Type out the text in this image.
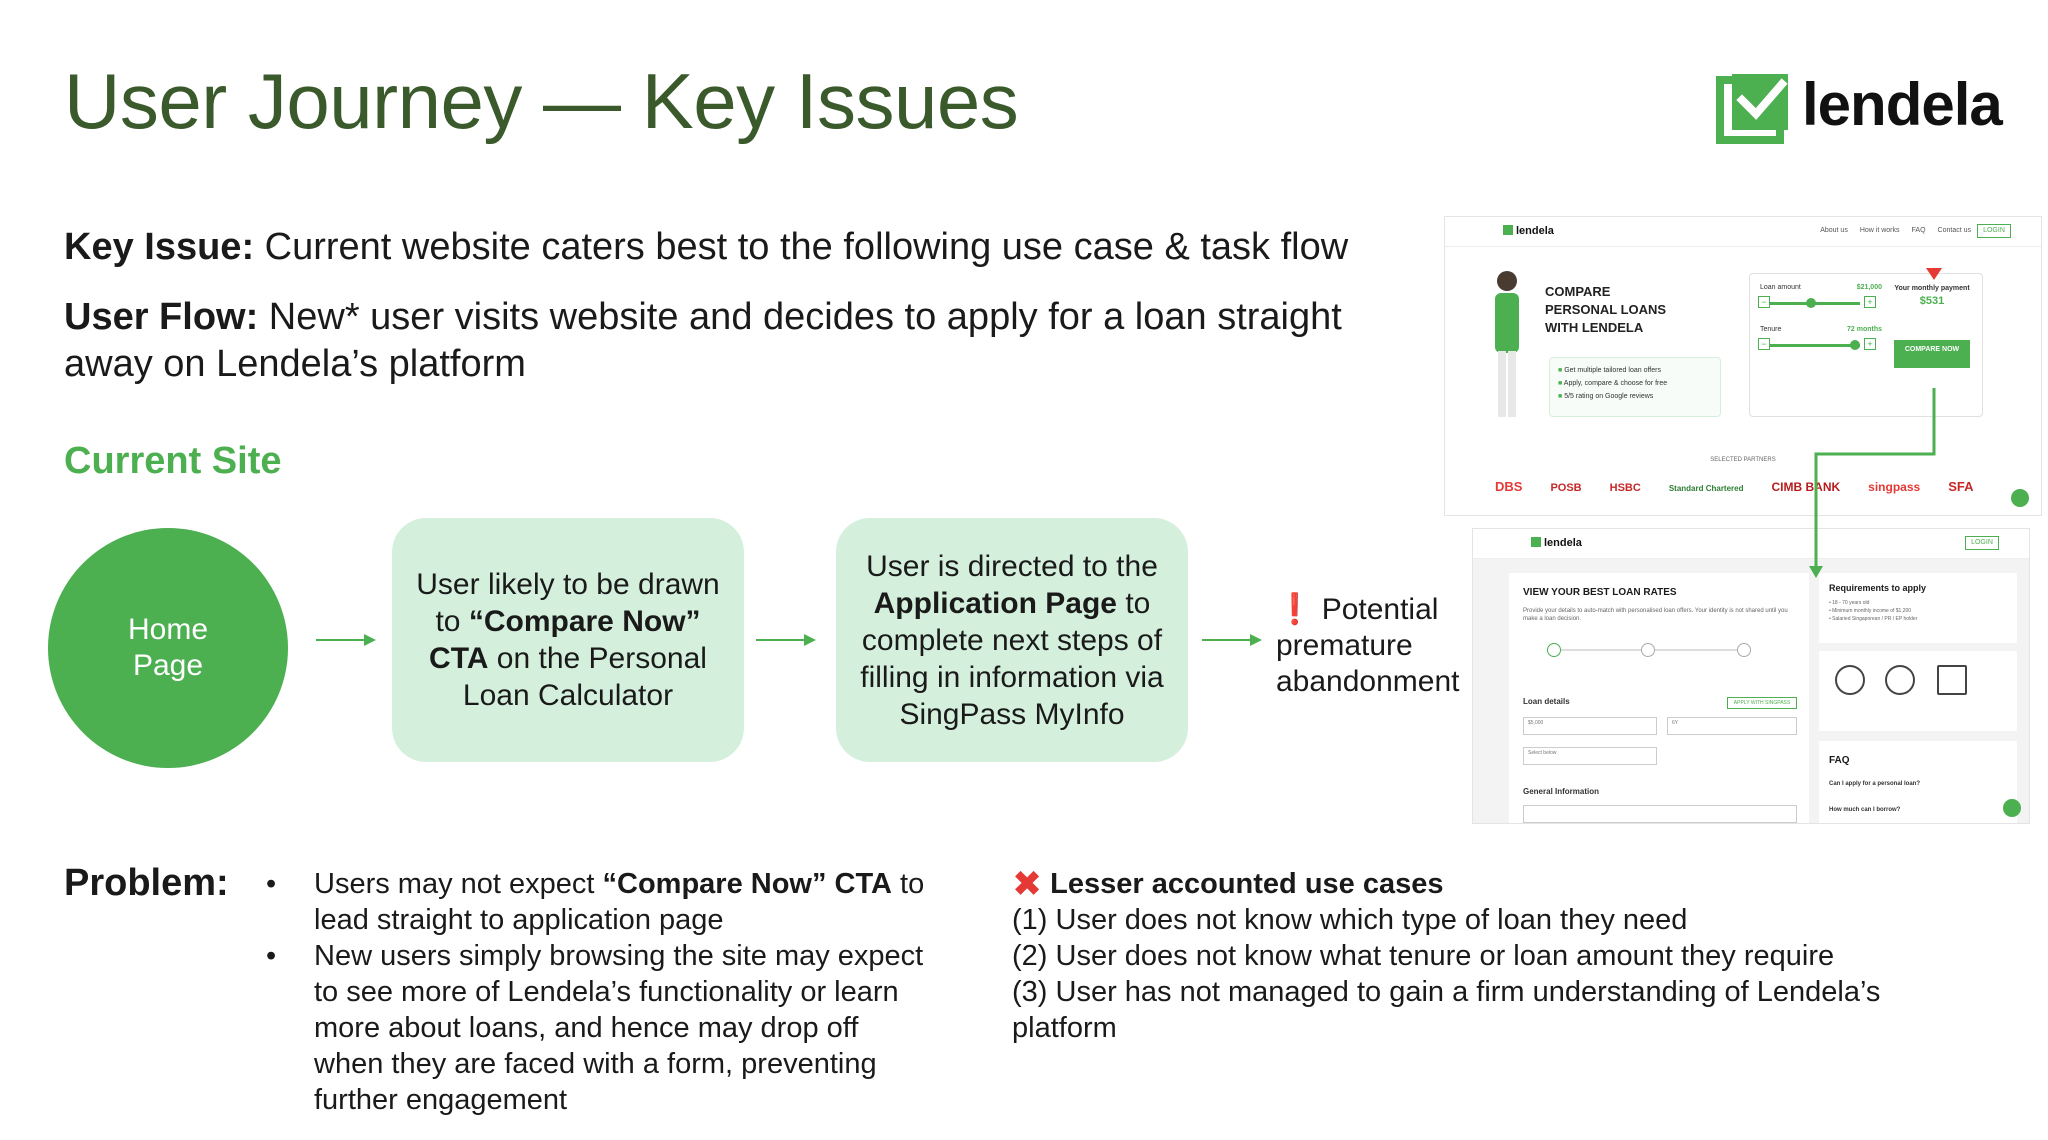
User Journey — Key Issues	lendela
Key Issue: Current website caters best to the following use case & task flow
User Flow: New* user visits website and decides to apply for a loan straight
away on Lendela’s platform
Current Site
Home
Page
User likely to be drawn to “Compare Now” CTA on the Personal Loan Calculator
User is directed to the Application Page to complete next steps of filling in information via SingPass MyInfo
❗ Potential
premature
abandonment
lendela	About us How it works FAQ Contact us	LOGIN
COMPARE
PERSONAL LOANS
WITH LENDELA
■ Get multiple tailored loan offers
■ Apply, compare & choose for free
■ 5/5 rating on Google reviews
Loan amount	$21,000
−	+
Tenure	72 months
−	+
Your monthly payment
$531
COMPARE NOW
SELECTED PARTNERS
DBS	POSB	HSBC	Standard Chartered CIMB BANK singpass SFA
lendela	LOGIN
VIEW YOUR BEST LOAN RATES
Provide your details to auto-match with personalised loan offers. Your identity is not shared until you make a loan decision.
Loan details	APPLY WITH SINGPASS
$5,000	6Y
Select below
General Information
Requirements to apply
• 18 - 70 years old
• Minimum monthly income of $1,200
• Salaried Singaporean / PR / EP holder
FAQ
Can I apply for a personal loan?
How much can I borrow?
Problem:
•	Users may not expect “Compare Now” CTA to lead straight to application page
• New users simply browsing the site may expect to see more of Lendela’s functionality or learn more about loans, and hence may drop off when they are faced with a form, preventing further engagement
✖ Lesser accounted use cases
(1) User does not know which type of loan they need
(2) User does not know what tenure or loan amount they require
(3) User has not managed to gain a firm understanding of Lendela’s platform
